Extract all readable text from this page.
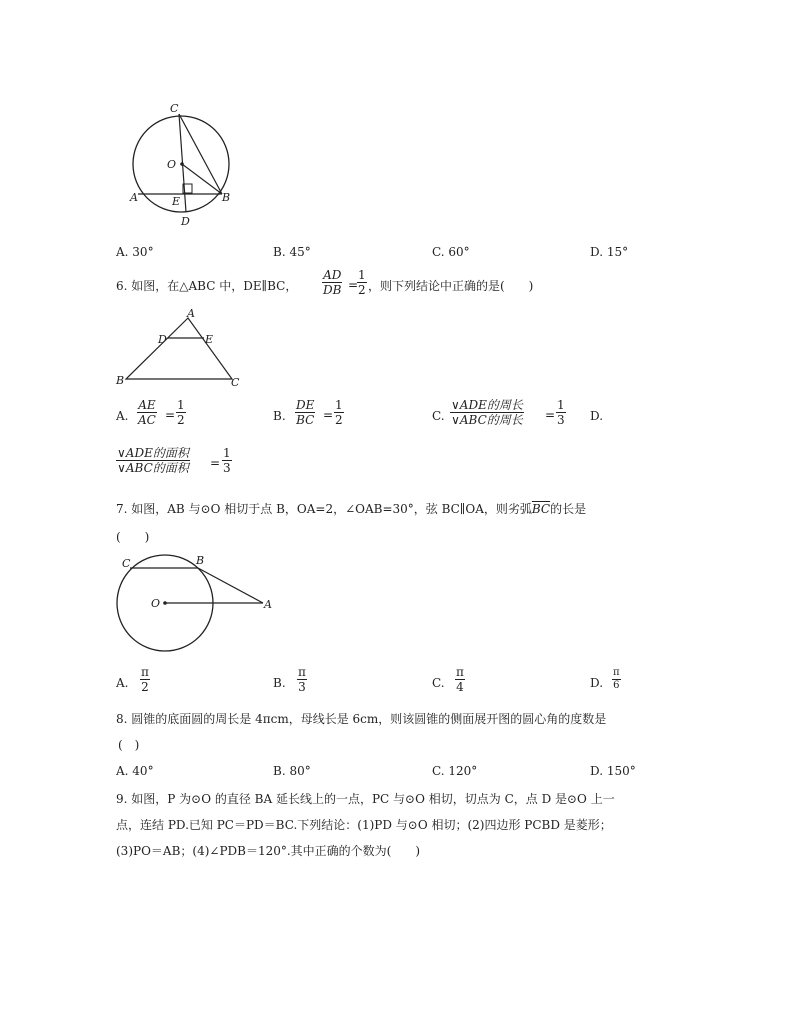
C
O
A	E	B
D
A. 30°	B. 45°	C. 60°	D. 15°
6. 如图，在△ABC 中，DE∥BC， $\frac{AD}{DB}$ =
$\frac{1}{2}$ ，则下列结论中正确的是(　　)
A
D	E
B	C
A. $\frac{AE}{AC} = \frac{1}{2}$	B. $\frac{DE}{BC} = \frac{1}{2}$	C.
∨ADE的周长
∨ABC的周长 = $\frac{1}{3} D$.
∨ADE的面积
∨ABC的面积 = $\frac{1}{3}$
7. 如图，AB 与⊙O 相切于点 B，OA=2，∠OAB=30°，弦 BC∥OA，则劣弧$\overline{BC}$的长是
(　　)
C	B
O	A
A. $\frac{\pi}{2}$	B. $\frac{\pi}{3}$	C. $\frac{\pi}{4}$	D. $\frac{\pi}{6}$
8. 圆锥的底面圆的周长是 4πcm，母线长是 6cm，则该圆锥的侧面展开图的圆心角的度数是
(　)
A. 40°	B. 80°	C. 120°	D. 150°
9. 如图，P 为⊙O 的直径 BA 延长线上的一点，PC 与⊙O 相切，切点为 C，点 D 是⊙O 上一
点，连结 PD.已知 PC＝PD＝BC.下列结论：(1)PD 与⊙O 相切；(2)四边形 PCBD 是菱形；
(3)PO＝AB；(4)∠PDB＝120°.其中正确的个数为(　　)
